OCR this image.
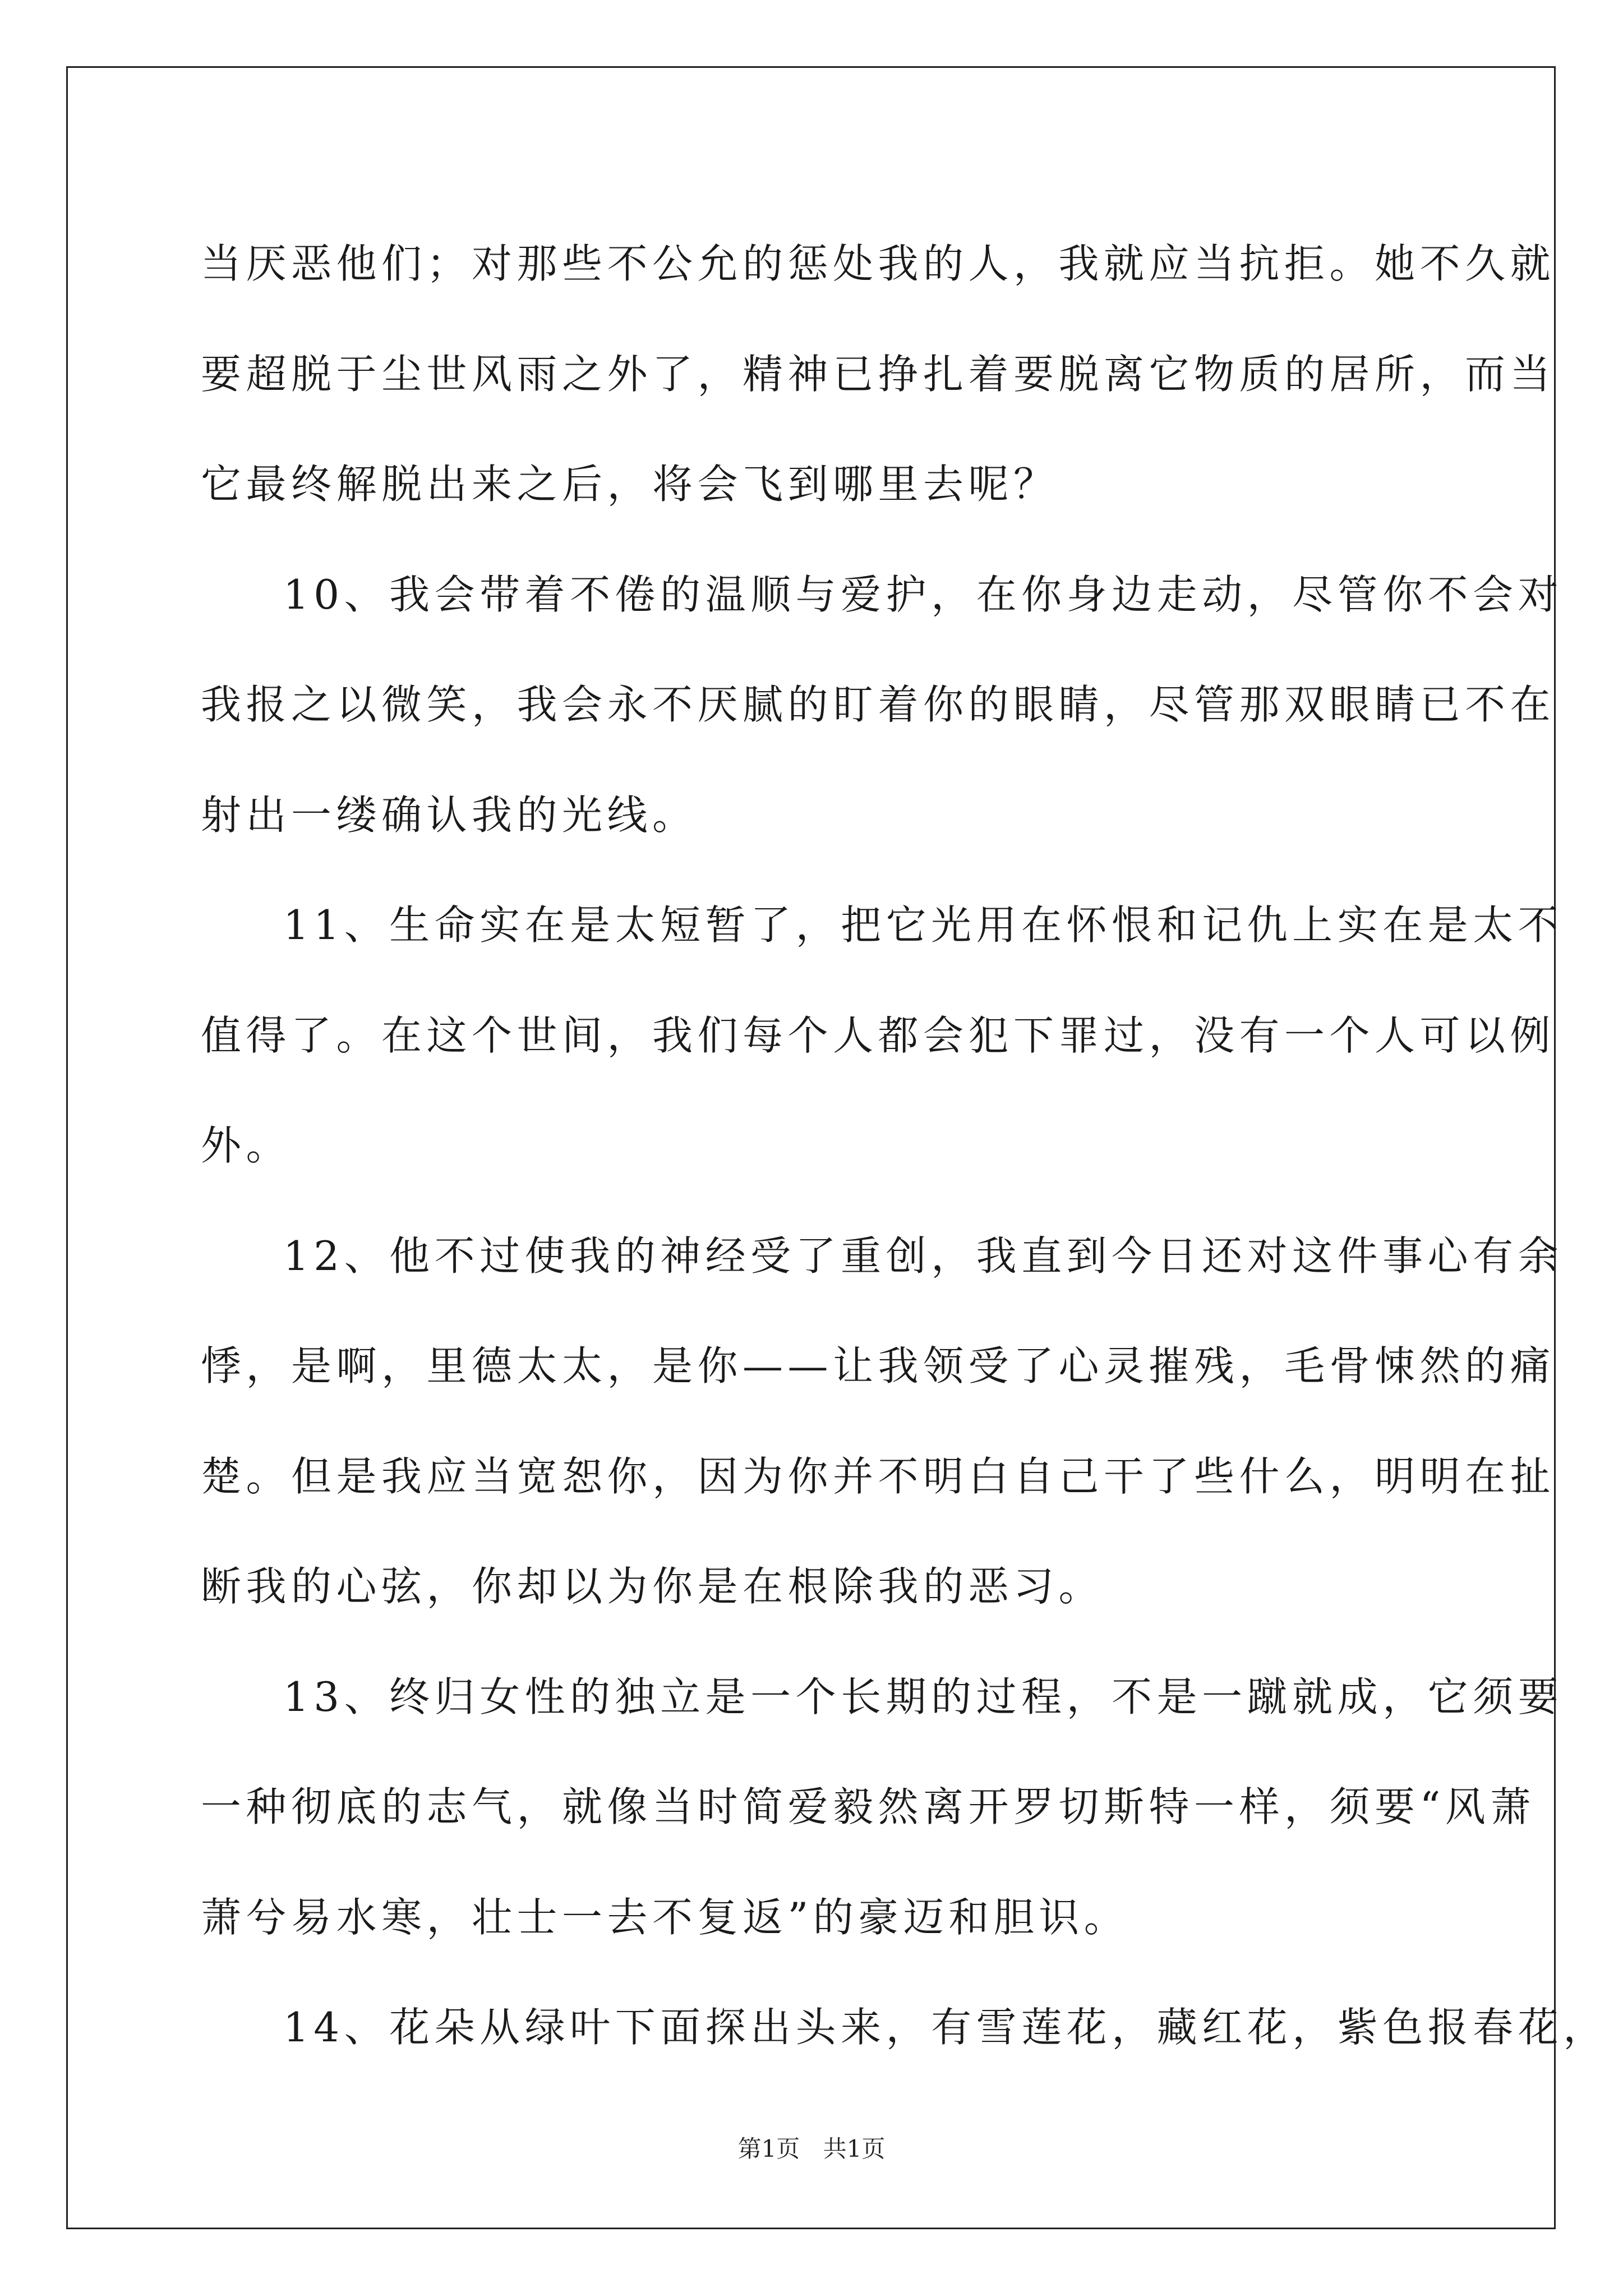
当厌恶他们；对那些不公允的惩处我的人，我就应当抗拒。她不久就
要超脱于尘世风雨之外了，精神已挣扎着要脱离它物质的居所，而当
它最终解脱出来之后，将会飞到哪里去呢？
10、我会带着不倦的温顺与爱护，在你身边走动，尽管你不会对
我报之以微笑，我会永不厌腻的盯着你的眼睛，尽管那双眼睛已不在
射出一缕确认我的光线。
11、生命实在是太短暂了，把它光用在怀恨和记仇上实在是太不
值得了。在这个世间，我们每个人都会犯下罪过，没有一个人可以例
外。
12、他不过使我的神经受了重创，我直到今日还对这件事心有余
悸，是啊，里德太太，是你——让我领受了心灵摧残，毛骨悚然的痛
楚。但是我应当宽恕你，因为你并不明白自己干了些什么，明明在扯
断我的心弦，你却以为你是在根除我的恶习。
13、终归女性的独立是一个长期的过程，不是一蹴就成，它须要
一种彻底的志气，就像当时简爱毅然离开罗切斯特一样，须要“风萧
萧兮易水寒，壮士一去不复返”的豪迈和胆识。
14、花朵从绿叶下面探出头来，有雪莲花，藏红花，紫色报春花，
第1页 共1页
